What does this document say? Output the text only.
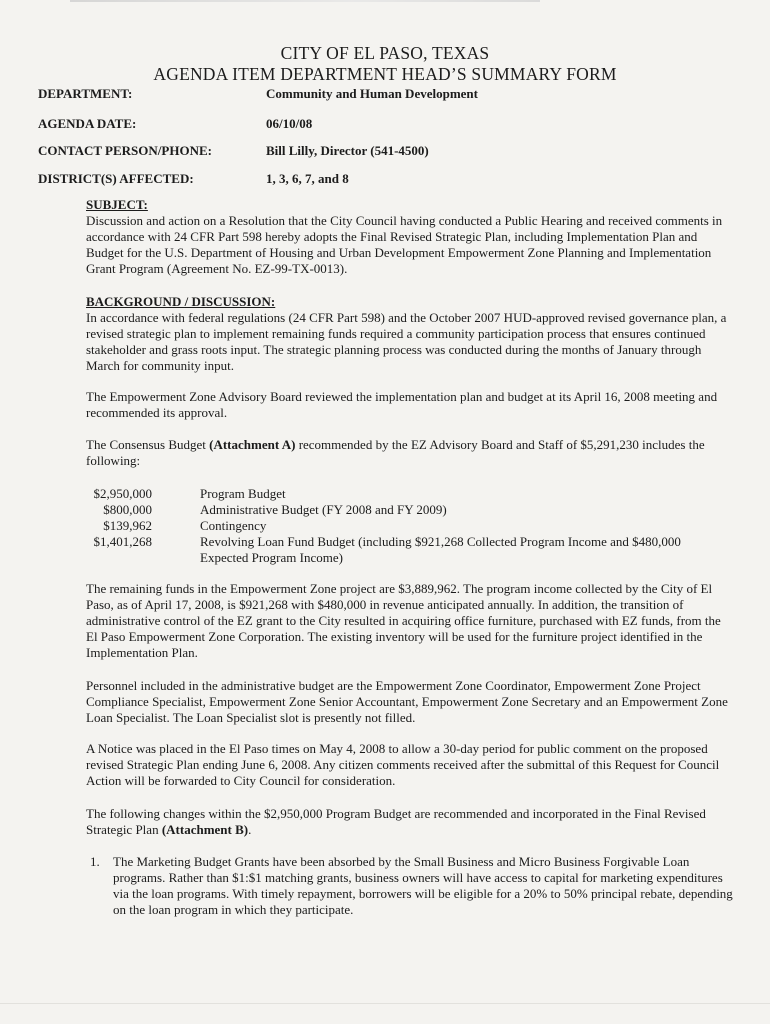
CITY OF EL PASO, TEXAS
AGENDA ITEM DEPARTMENT HEAD’S SUMMARY FORM
DEPARTMENT:	Community and Human Development
AGENDA DATE:	06/10/08
CONTACT PERSON/PHONE:	Bill Lilly, Director (541-4500)
DISTRICT(S) AFFECTED:	1, 3, 6, 7, and 8
SUBJECT:

Discussion and action on a Resolution that the City Council having conducted a Public Hearing and received comments in accordance with 24 CFR Part 598 hereby adopts the Final Revised Strategic Plan, including Implementation Plan and Budget for the U.S. Department of Housing and Urban Development Empowerment Zone Planning and Implementation Grant Program (Agreement No. EZ-99-TX-0013).

BACKGROUND / DISCUSSION:

In accordance with federal regulations (24 CFR Part 598) and the October 2007 HUD-approved revised governance plan, a revised strategic plan to implement remaining funds required a community participation process that ensures continued stakeholder and grass roots input. The strategic planning process was conducted during the months of January through March for community input.

The Empowerment Zone Advisory Board reviewed the implementation plan and budget at its April 16, 2008 meeting and recommended its approval.
The Consensus Budget (Attachment A) recommended by the EZ Advisory Board and Staff of $5,291,230 includes the following:
$2,950,000	Program Budget
$800,000	Administrative Budget (FY 2008 and FY 2009)
$139,962	Contingency
$1,401,268	Revolving Loan Fund Budget (including $921,268 Collected Program Income and $480,000 Expected Program Income)
The remaining funds in the Empowerment Zone project are $3,889,962. The program income collected by the City of El Paso, as of April 17, 2008, is $921,268 with $480,000 in revenue anticipated annually. In addition, the transition of administrative control of the EZ grant to the City resulted in acquiring office furniture, purchased with EZ funds, from the El Paso Empowerment Zone Corporation. The existing inventory will be used for the furniture project identified in the Implementation Plan.
Personnel included in the administrative budget are the Empowerment Zone Coordinator, Empowerment Zone Project Compliance Specialist, Empowerment Zone Senior Accountant, Empowerment Zone Secretary and an Empowerment Zone Loan Specialist. The Loan Specialist slot is presently not filled.
A Notice was placed in the El Paso times on May 4, 2008 to allow a 30-day period for public comment on the proposed revised Strategic Plan ending June 6, 2008. Any citizen comments received after the submittal of this Request for Council Action will be forwarded to City Council for consideration.
The following changes within the $2,950,000 Program Budget are recommended and incorporated in the Final Revised Strategic Plan (Attachment B).
1. The Marketing Budget Grants have been absorbed by the Small Business and Micro Business Forgivable Loan programs. Rather than $1:$1 matching grants, business owners will have access to capital for marketing expenditures via the loan programs. With timely repayment, borrowers will be eligible for a 20% to 50% principal rebate, depending on the loan program in which they participate.
